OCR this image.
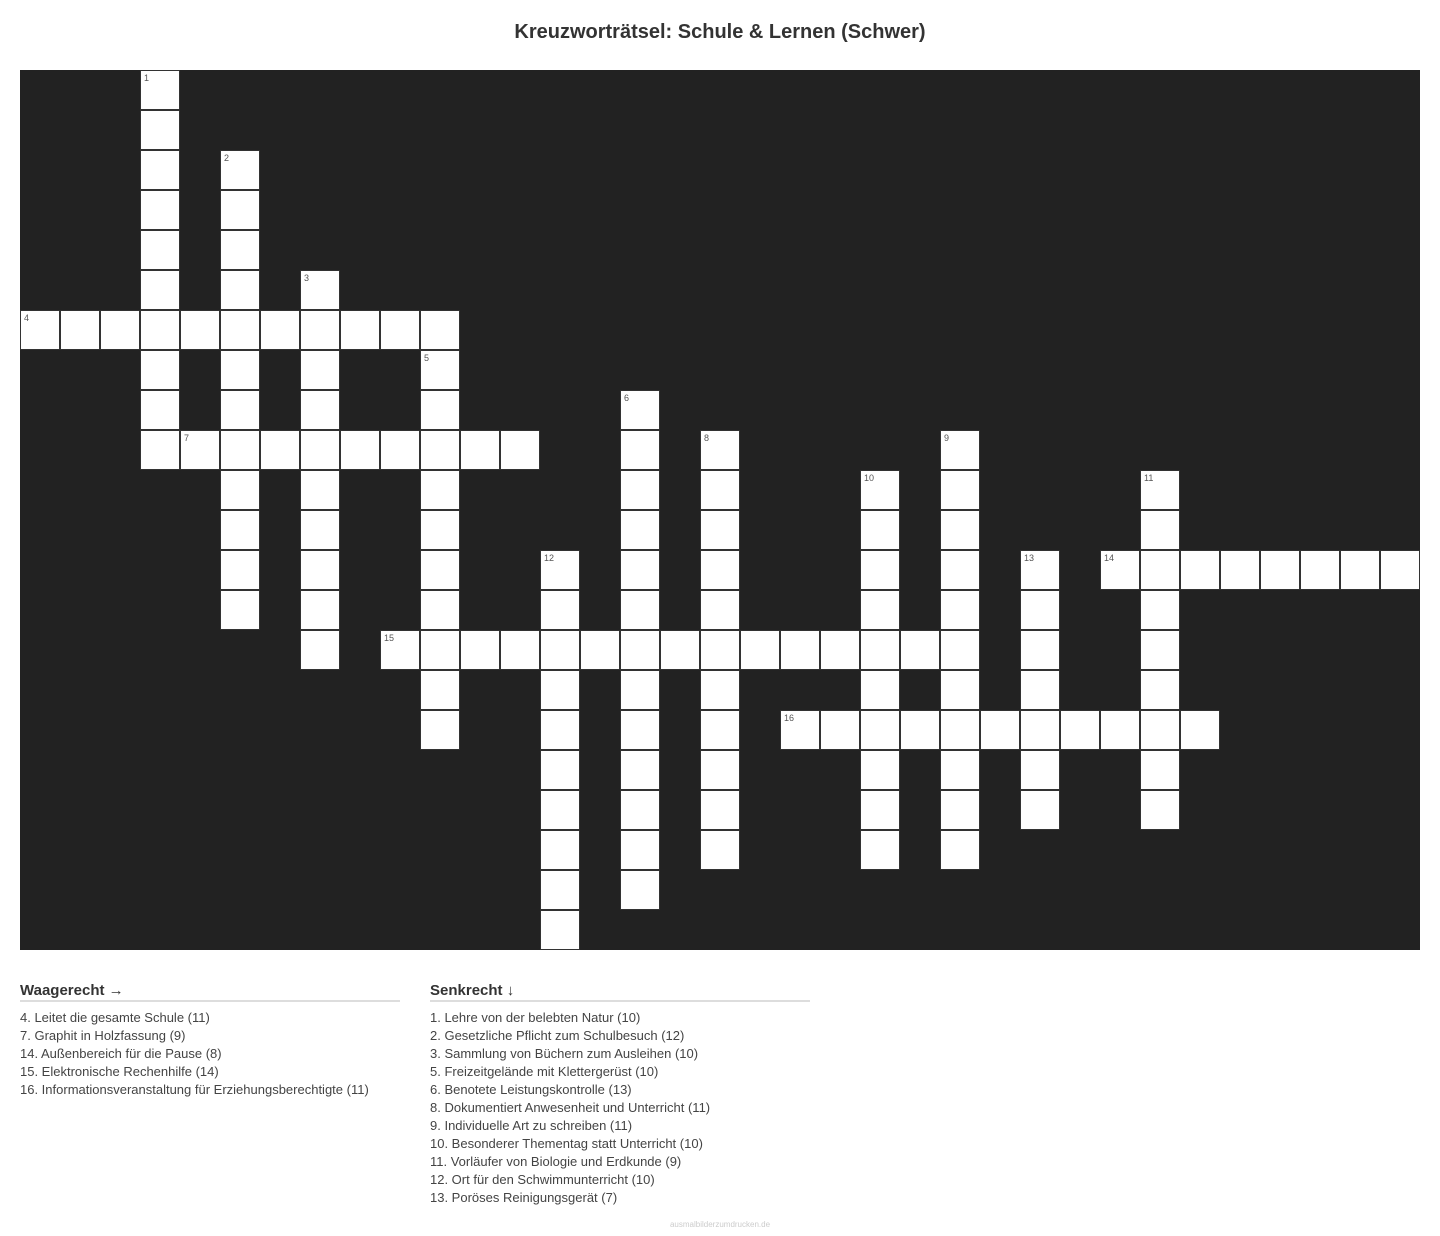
Kreuzworträtsel: Schule & Lernen (Schwer)
4
7
14
15
16
1
2
3
5
6
8	9
10	11
12	13
Waagerecht →
4. Leitet die gesamte Schule (11)
7. Graphit in Holzfassung (9)
14. Außenbereich für die Pause (8)
15. Elektronische Rechenhilfe (14)
16. Informationsveranstaltung für Erziehungsberechtigte (11)
Senkrecht ↓
1. Lehre von der belebten Natur (10)
2. Gesetzliche Pflicht zum Schulbesuch (12)
3. Sammlung von Büchern zum Ausleihen (10)
5. Freizeitgelände mit Klettergerüst (10)
6. Benotete Leistungskontrolle (13)
8. Dokumentiert Anwesenheit und Unterricht (11)
9. Individuelle Art zu schreiben (11)
10. Besonderer Thementag statt Unterricht (10)
11. Vorläufer von Biologie und Erdkunde (9)
12. Ort für den Schwimmunterricht (10)
13. Poröses Reinigungsgerät (7)
ausmalbilderzumdrucken.de
